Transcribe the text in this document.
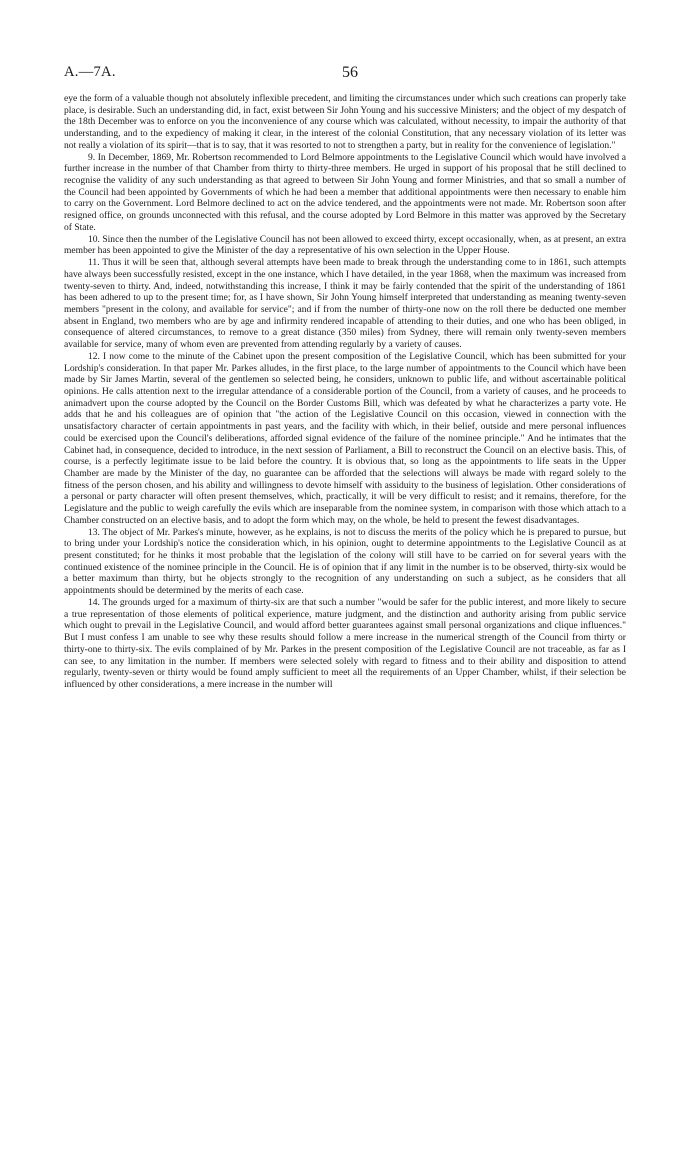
A.—7A.	56

eye the form of a valuable though not absolutely inflexible precedent, and limiting the circumstances under which such creations can properly take place, is desirable. Such an understanding did, in fact, exist between Sir John Young and his successive Ministers; and the object of my despatch of the 18th December was to enforce on you the inconvenience of any course which was calculated, without necessity, to impair the authority of that understanding, and to the expediency of making it clear, in the interest of the colonial Constitution, that any necessary violation of its letter was not really a violation of its spirit—that is to say, that it was resorted to not to strengthen a party, but in reality for the convenience of legislation."

9. In December, 1869, Mr. Robertson recommended to Lord Belmore appointments to the Legislative Council which would have involved a further increase in the number of that Chamber from thirty to thirty-three members. He urged in support of his proposal that he still declined to recognise the validity of any such understanding as that agreed to between Sir John Young and former Ministries, and that so small a number of the Council had been appointed by Governments of which he had been a member that additional appointments were then necessary to enable him to carry on the Government. Lord Belmore declined to act on the advice tendered, and the appointments were not made. Mr. Robertson soon after resigned office, on grounds unconnected with this refusal, and the course adopted by Lord Belmore in this matter was approved by the Secretary of State.

10. Since then the number of the Legislative Council has not been allowed to exceed thirty, except occasionally, when, as at present, an extra member has been appointed to give the Minister of the day a representative of his own selection in the Upper House.

11. Thus it will be seen that, although several attempts have been made to break through the understanding come to in 1861, such attempts have always been successfully resisted, except in the one instance, which I have detailed, in the year 1868, when the maximum was increased from twenty-seven to thirty. And, indeed, notwithstanding this increase, I think it may be fairly contended that the spirit of the understanding of 1861 has been adhered to up to the present time; for, as I have shown, Sir John Young himself interpreted that understanding as meaning twenty-seven members "present in the colony, and available for service"; and if from the number of thirty-one now on the roll there be deducted one member absent in England, two members who are by age and infirmity rendered incapable of attending to their duties, and one who has been obliged, in consequence of altered circumstances, to remove to a great distance (350 miles) from Sydney, there will remain only twenty-seven members available for service, many of whom even are prevented from attending regularly by a variety of causes.

12. I now come to the minute of the Cabinet upon the present composition of the Legislative Council, which has been submitted for your Lordship's consideration. In that paper Mr. Parkes alludes, in the first place, to the large number of appointments to the Council which have been made by Sir James Martin, several of the gentlemen so selected being, he considers, unknown to public life, and without ascertainable political opinions. He calls attention next to the irregular attendance of a considerable portion of the Council, from a variety of causes, and he proceeds to animadvert upon the course adopted by the Council on the Border Customs Bill, which was defeated by what he characterizes a party vote. He adds that he and his colleagues are of opinion that "the action of the Legislative Council on this occasion, viewed in connection with the unsatisfactory character of certain appointments in past years, and the facility with which, in their belief, outside and mere personal influences could be exercised upon the Council's deliberations, afforded signal evidence of the failure of the nominee principle." And he intimates that the Cabinet had, in consequence, decided to introduce, in the next session of Parliament, a Bill to reconstruct the Council on an elective basis. This, of course, is a perfectly legitimate issue to be laid before the country. It is obvious that, so long as the appointments to life seats in the Upper Chamber are made by the Minister of the day, no guarantee can be afforded that the selections will always be made with regard solely to the fitness of the person chosen, and his ability and willingness to devote himself with assiduity to the business of legislation. Other considerations of a personal or party character will often present themselves, which, practically, it will be very difficult to resist; and it remains, therefore, for the Legislature and the public to weigh carefully the evils which are inseparable from the nominee system, in comparison with those which attach to a Chamber constructed on an elective basis, and to adopt the form which may, on the whole, be held to present the fewest disadvantages.

13. The object of Mr. Parkes's minute, however, as he explains, is not to discuss the merits of the policy which he is prepared to pursue, but to bring under your Lordship's notice the consideration which, in his opinion, ought to determine appointments to the Legislative Council as at present constituted; for he thinks it most probable that the legislation of the colony will still have to be carried on for several years with the continued existence of the nominee principle in the Council. He is of opinion that if any limit in the number is to be observed, thirty-six would be a better maximum than thirty, but he objects strongly to the recognition of any understanding on such a subject, as he considers that all appointments should be determined by the merits of each case.

14. The grounds urged for a maximum of thirty-six are that such a number "would be safer for the public interest, and more likely to secure a true representation of those elements of political experience, mature judgment, and the distinction and authority arising from public service which ought to prevail in the Legislative Council, and would afford better guarantees against small personal organizations and clique influences." But I must confess I am unable to see why these results should follow a mere increase in the numerical strength of the Council from thirty or thirty-one to thirty-six. The evils complained of by Mr. Parkes in the present composition of the Legislative Council are not traceable, as far as I can see, to any limitation in the number. If members were selected solely with regard to fitness and to their ability and disposition to attend regularly, twenty-seven or thirty would be found amply sufficient to meet all the requirements of an Upper Chamber, whilst, if their selection be influenced by other considerations, a mere increase in the number will
